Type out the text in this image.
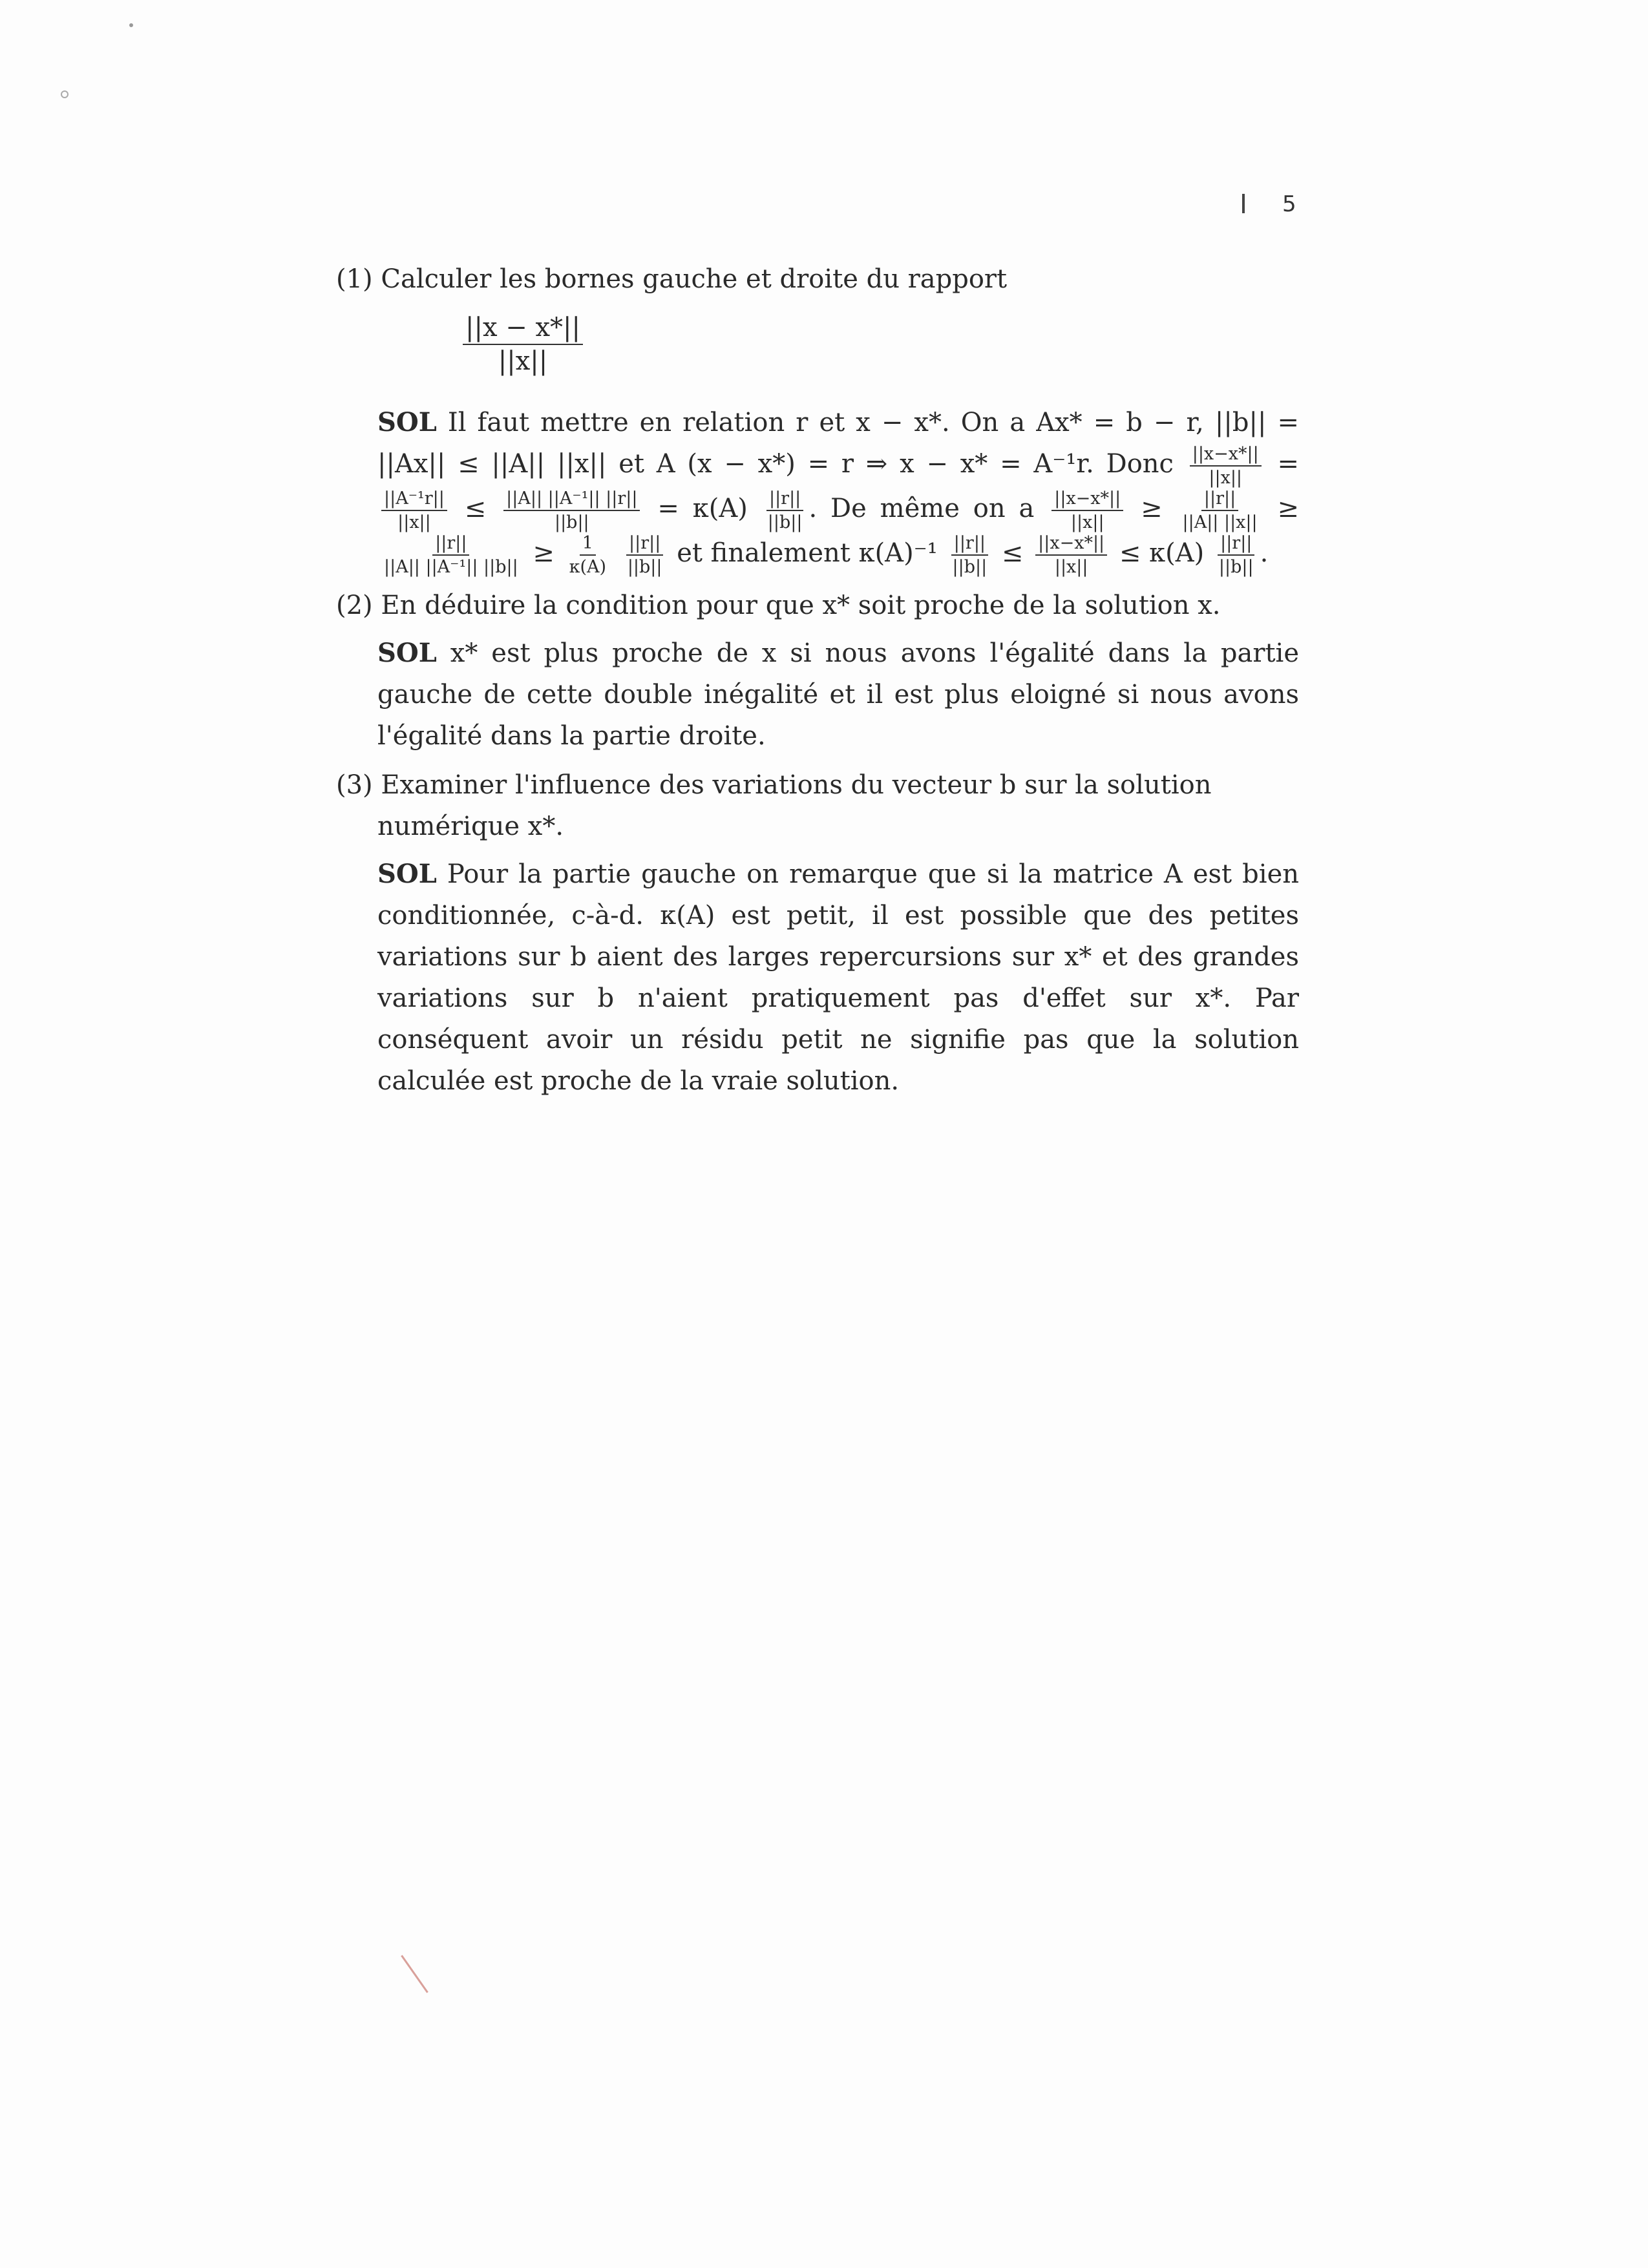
5

(1) Calculer les bornes gauche et droite du rapport

$\frac{||x - x*||}{||x||}$

SOL Il faut mettre en relation r et x − x*. On a Ax* = b − r, ||b|| = ||Ax|| ≤ ||A|| ||x|| et A (x − x*) = r ⇒ x − x* = A⁻¹r. Donc $\frac{||x-x*||}{||x||}$ =
$\frac{\text{||A⁻¹r||}}{||x||} \le \frac{\text{||A|| ||A⁻¹|| ||r||}}{||b||} = \kappa(A) \frac{||r||}{||b||}$ . De même on a $\frac{||x-x*||}{||x||} \ge \frac{||r||}{||A|| ||x||}$ ≥
$\frac{||r||}{\text{||A|| ||A⁻¹|| ||b||}} \ge \frac{1}{\kappa(A)}$
$\frac{||r||}{||b||}$ et finalement $\kappa(A)^{-1} \frac{||r||}{||b||} \le \frac{||x-x*||}{||x||} \le \kappa(A) \frac{||r||}{||b||}$ .

(2) En déduire la condition pour que x* soit proche de la solution x.

SOL x* est plus proche de x si nous avons l'égalité dans la partie gauche de cette double inégalité et il est plus eloigné si nous avons l'égalité dans la partie droite.

(3) Examiner l'influence des variations du vecteur b sur la solution numérique x*.

SOL Pour la partie gauche on remarque que si la matrice A est bien conditionnée, c-à-d. κ(A) est petit, il est possible que des petites variations sur b aient des larges repercursions sur x* et des grandes variations sur b n'aient pratiquement pas d'effet sur x*. Par conséquent avoir un résidu petit ne signifie pas que la solution calculée est proche de la vraie solution.
